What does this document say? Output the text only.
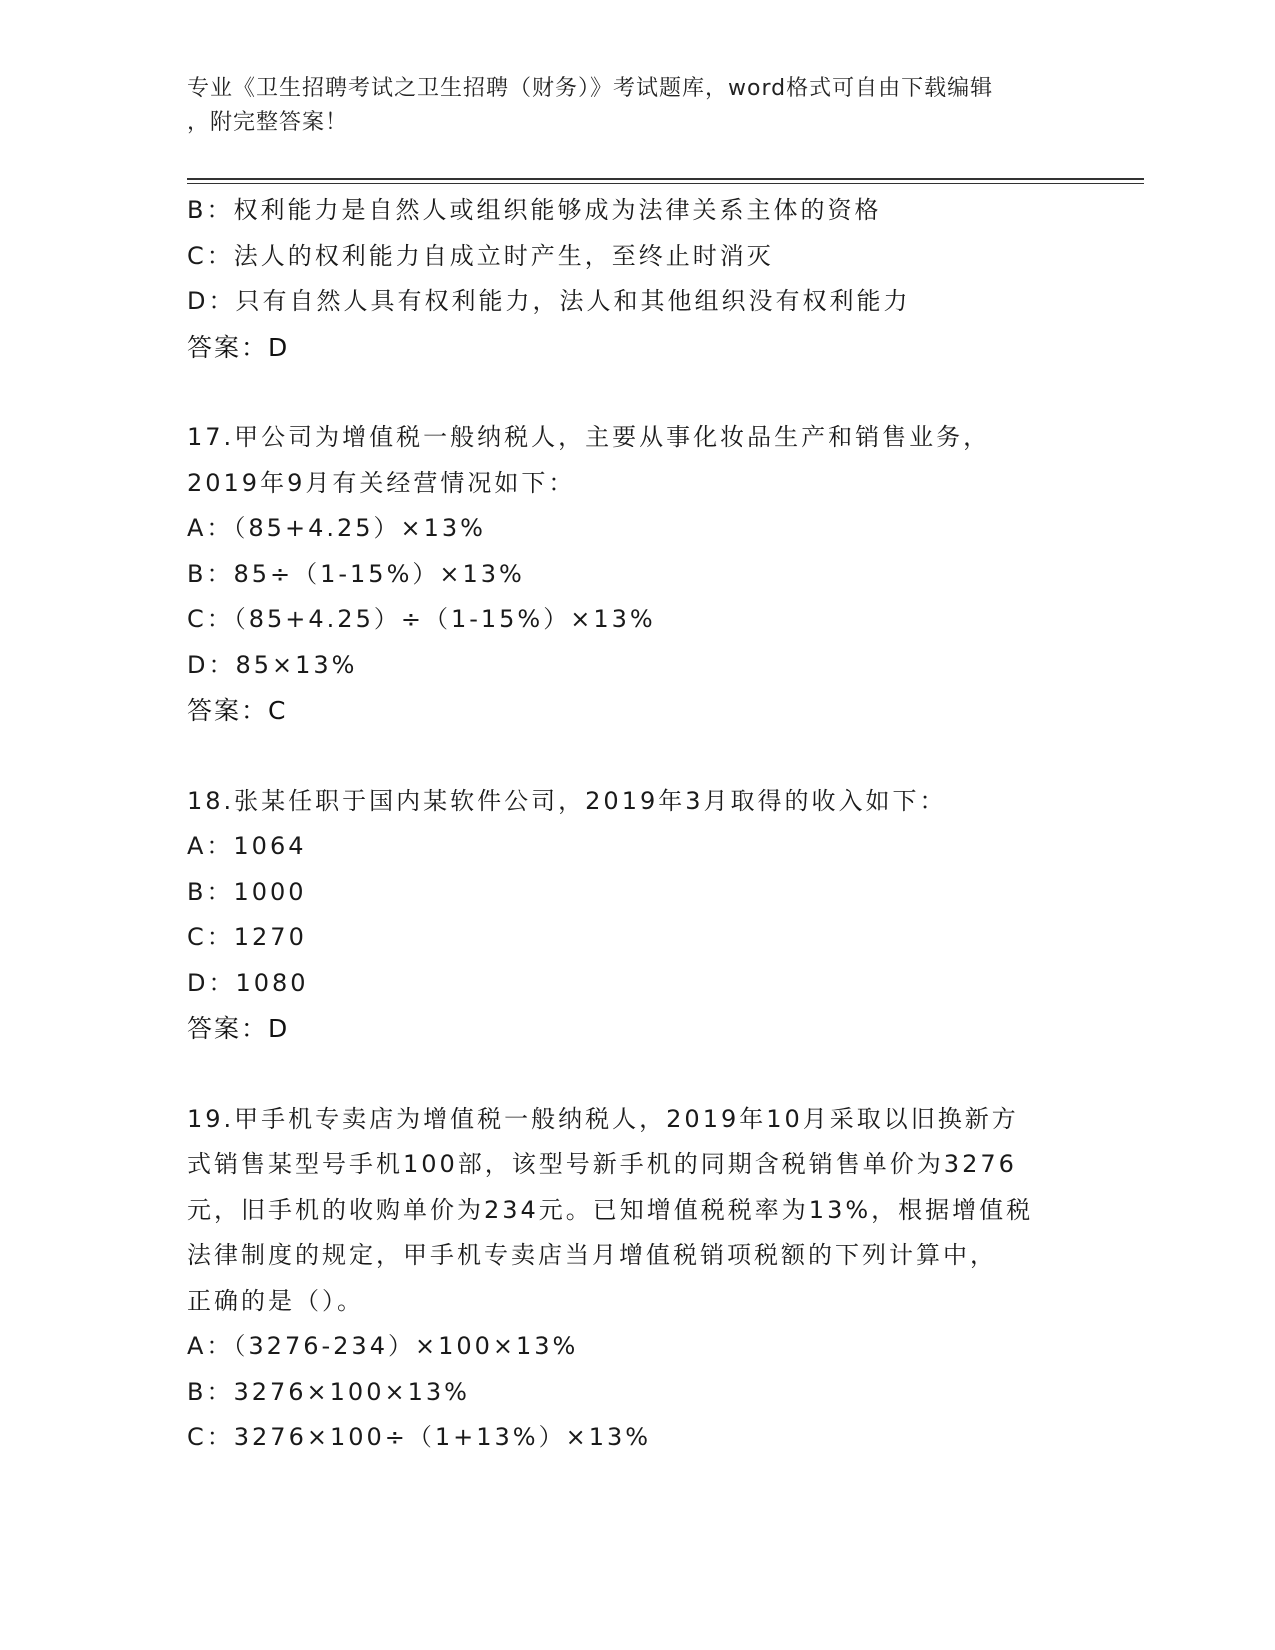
专业《卫生招聘考试之卫生招聘（财务）》考试题库，word格式可自由下载编辑
，附完整答案！
B：权利能力是自然人或组织能够成为法律关系主体的资格
C：法人的权利能力自成立时产生，至终止时消灭
D：只有自然人具有权利能力，法人和其他组织没有权利能力
答案：D
17.甲公司为增值税一般纳税人，主要从事化妆品生产和销售业务，
2019年9月有关经营情况如下：
A：（85+4.25）×13%
B：85÷（1-15%）×13%
C：（85+4.25）÷（1-15%）×13%
D：85×13%
答案：C
18.张某任职于国内某软件公司，2019年3月取得的收入如下：
A：1064
B：1000
C：1270
D：1080
答案：D
19.甲手机专卖店为增值税一般纳税人，2019年10月采取以旧换新方
式销售某型号手机100部，该型号新手机的同期含税销售单价为3276
元，旧手机的收购单价为234元。已知增值税税率为13%，根据增值税
法律制度的规定，甲手机专卖店当月增值税销项税额的下列计算中，
正确的是（）。
A：（3276-234）×100×13%
B：3276×100×13%
C：3276×100÷（1+13%）×13%
